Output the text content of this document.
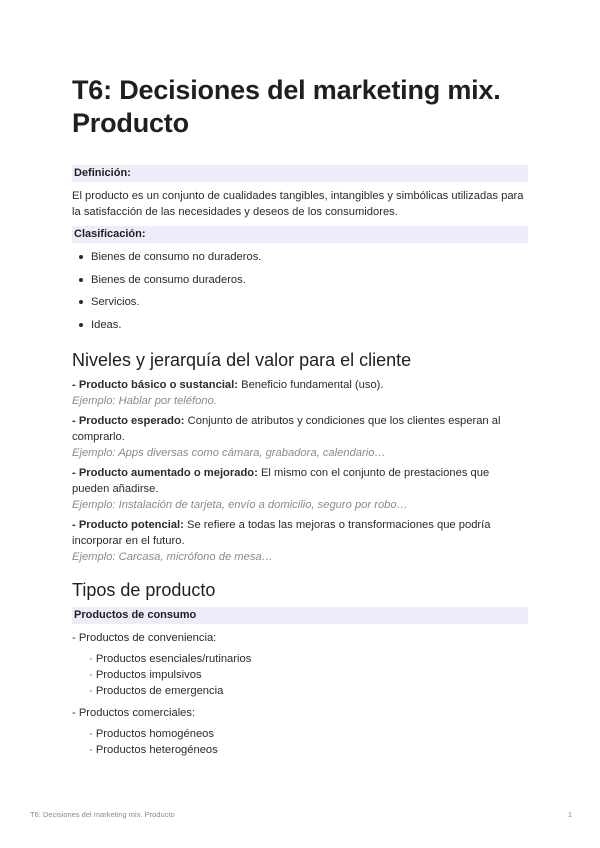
T6: Decisiones del marketing mix.
Producto
Definición:
El producto es un conjunto de cualidades tangibles, intangibles y simbólicas utilizadas para la satisfacción de las necesidades y deseos de los consumidores.
Clasificación:
Bienes de consumo no duraderos.
Bienes de consumo duraderos.
Servicios.
Ideas.
Niveles y jerarquía del valor para el cliente
- Producto básico o sustancial: Beneficio fundamental (uso).
Ejemplo: Hablar por teléfono.
- Producto esperado: Conjunto de atributos y condiciones que los clientes esperan al comprarlo.
Ejemplo: Apps diversas como cámara, grabadora, calendario…
- Producto aumentado o mejorado: El mismo con el conjunto de prestaciones que pueden añadirse.
Ejemplo: Instalación de tarjeta, envío a domicilio, seguro por robo…
- Producto potencial: Se refiere a todas las mejoras o transformaciones que podría incorporar en el futuro.
Ejemplo: Carcasa, micrófono de mesa…
Tipos de producto
Productos de consumo
- Productos de conveniencia:
· Productos esenciales/rutinarios
· Productos impulsivos
· Productos de emergencia
- Productos comerciales:
· Productos homogéneos
· Productos heterogéneos
T6: Decisiones del marketing mix. Producto	1
